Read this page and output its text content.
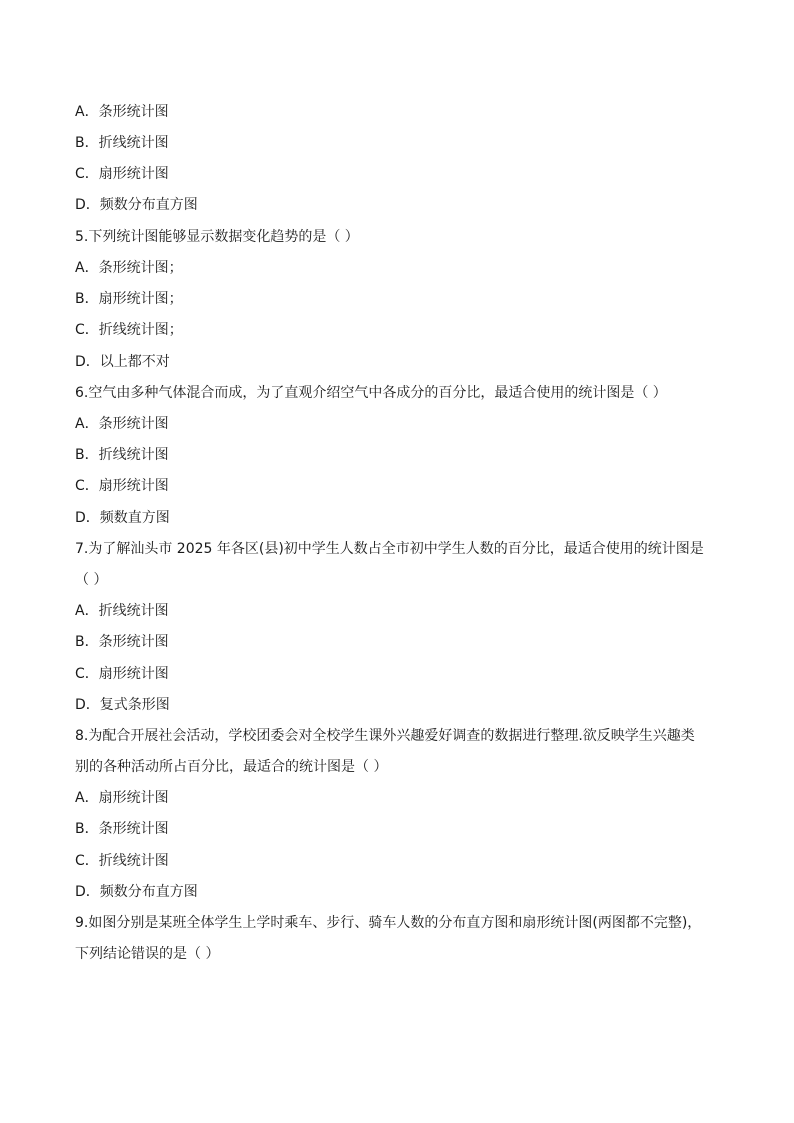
A．条形统计图
B．折线统计图
C．扇形统计图
D．频数分布直方图
5.下列统计图能够显示数据变化趋势的是（ ）
A．条形统计图；
B．扇形统计图；
C．折线统计图；
D．以上都不对
6.空气由多种气体混合而成，为了直观介绍空气中各成分的百分比，最适合使用的统计图是（ ）
A．条形统计图
B．折线统计图
C．扇形统计图
D．频数直方图
7.为了解汕头市 2025 年各区(县)初中学生人数占全市初中学生人数的百分比，最适合使用的统计图是
（ ）
A．折线统计图
B．条形统计图
C．扇形统计图
D．复式条形图
8.为配合开展社会活动，学校团委会对全校学生课外兴趣爱好调查的数据进行整理.欲反映学生兴趣类
别的各种活动所占百分比，最适合的统计图是（ ）
A．扇形统计图
B．条形统计图
C．折线统计图
D．频数分布直方图
9.如图分别是某班全体学生上学时乘车、步行、骑车人数的分布直方图和扇形统计图(两图都不完整)，
下列结论错误的是（ ）
